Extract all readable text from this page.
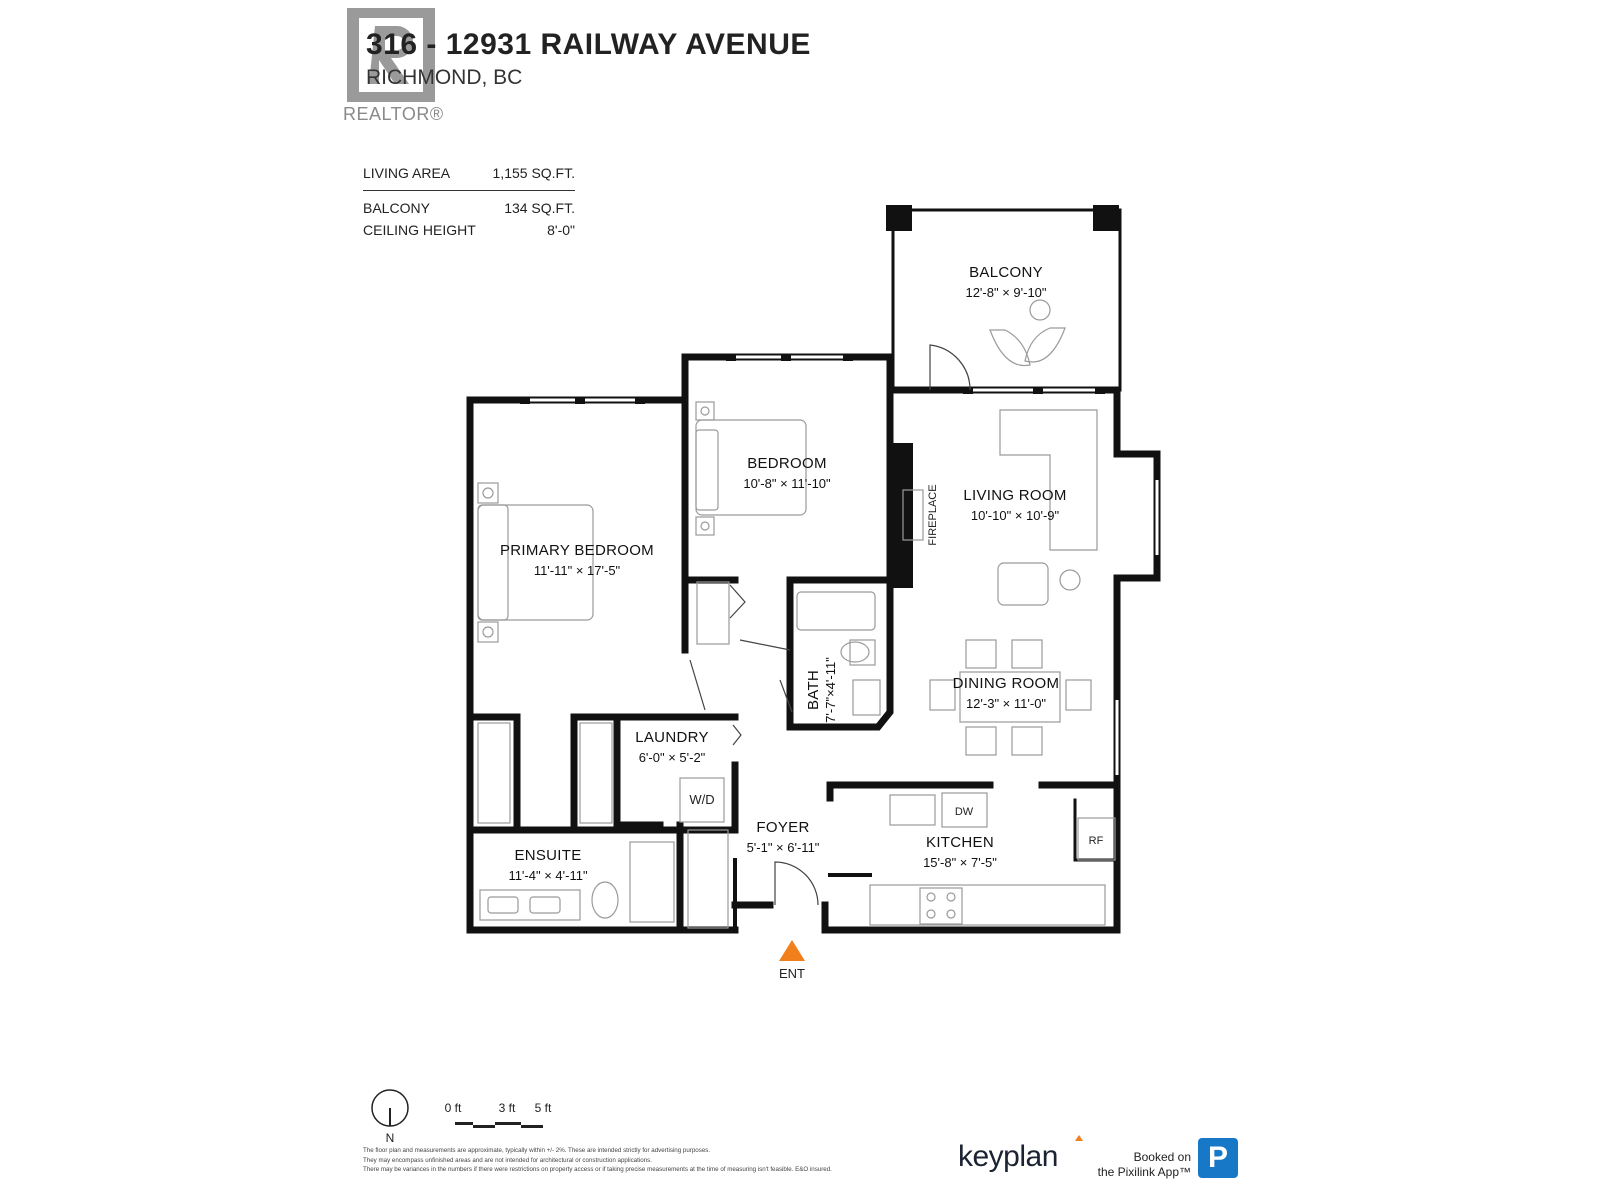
316 - 12931 RAILWAY AVENUE
RICHMOND, BC
REALTOR®
LIVING AREA	1,155 SQ.FT.
BALCONY	134 SQ.FT.
CEILING HEIGHT	8'-0"
BALCONY
12'-8" × 9'-10"
BEDROOM
10'-8" × 11'-10"
LIVING ROOM
10'-10" × 10'-9"
PRIMARY BEDROOM
11'-11" × 17'-5"
DINING ROOM
12'-3" × 11'-0"
LAUNDRY
6'-0" × 5'-2"
FOYER
5'-1" × 6'-11"	KITCHEN
15'-8" × 7'-5"
ENSUITE
11'-4" × 4'-11"
BATH 7'-7"×4'-11"
FIREPLACE
W/D
DW
RF
ENT
N
0 ft	3 ft 5 ft
The floor plan and measurements are approximate, typically within +/- 2%. These are intended strictly for advertising purposes.
They may encompass unfinished areas and are not intended for architectural or construction applications.
There may be variances in the numbers if there were restrictions on property access or if taking precise measurements at the time of measuring isn't feasible. E&O insured.	keyplan	Booked on
the Pixilink App™ P
